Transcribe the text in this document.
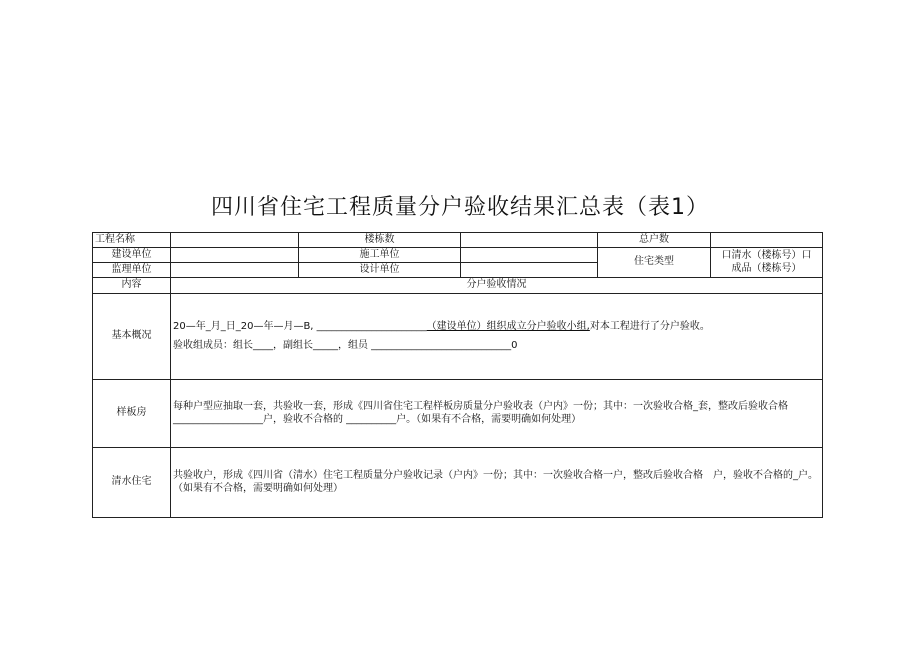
四川省住宅工程质量分户验收结果汇总表（表1）
工程名称		楼栋数		总户数	
建设单位		施工单位		住宅类型	口清水（楼栋号）口
成品（楼栋号）

监理单位		设计单位			
内容	分户验收情况				
基本概况	20—年_月_日_20—年—月—B, ______________________（建设单位）组织成立分户验收小组,对本工程进行了分户验收。
验收组成员：组长____，副组长_____，组员 ____________________________0				

样板房	每种户型应抽取一套，共验收一套，形成《四川省住宅工程样板房质量分户验收表（户内》一份；其中：一次验收合格_套，整改后验收合格 __________________户，验收不合格的 __________户。（如果有不合格，需要明确如何处理）				
清水住宅	共验收户，形成《四川省（清水）住宅工程质量分户验收记录（户内》一份；其中：一次验收合格一户，整改后验收合格　户，验收不合格的_户。（如果有不合格，需要明确如何处理）				
